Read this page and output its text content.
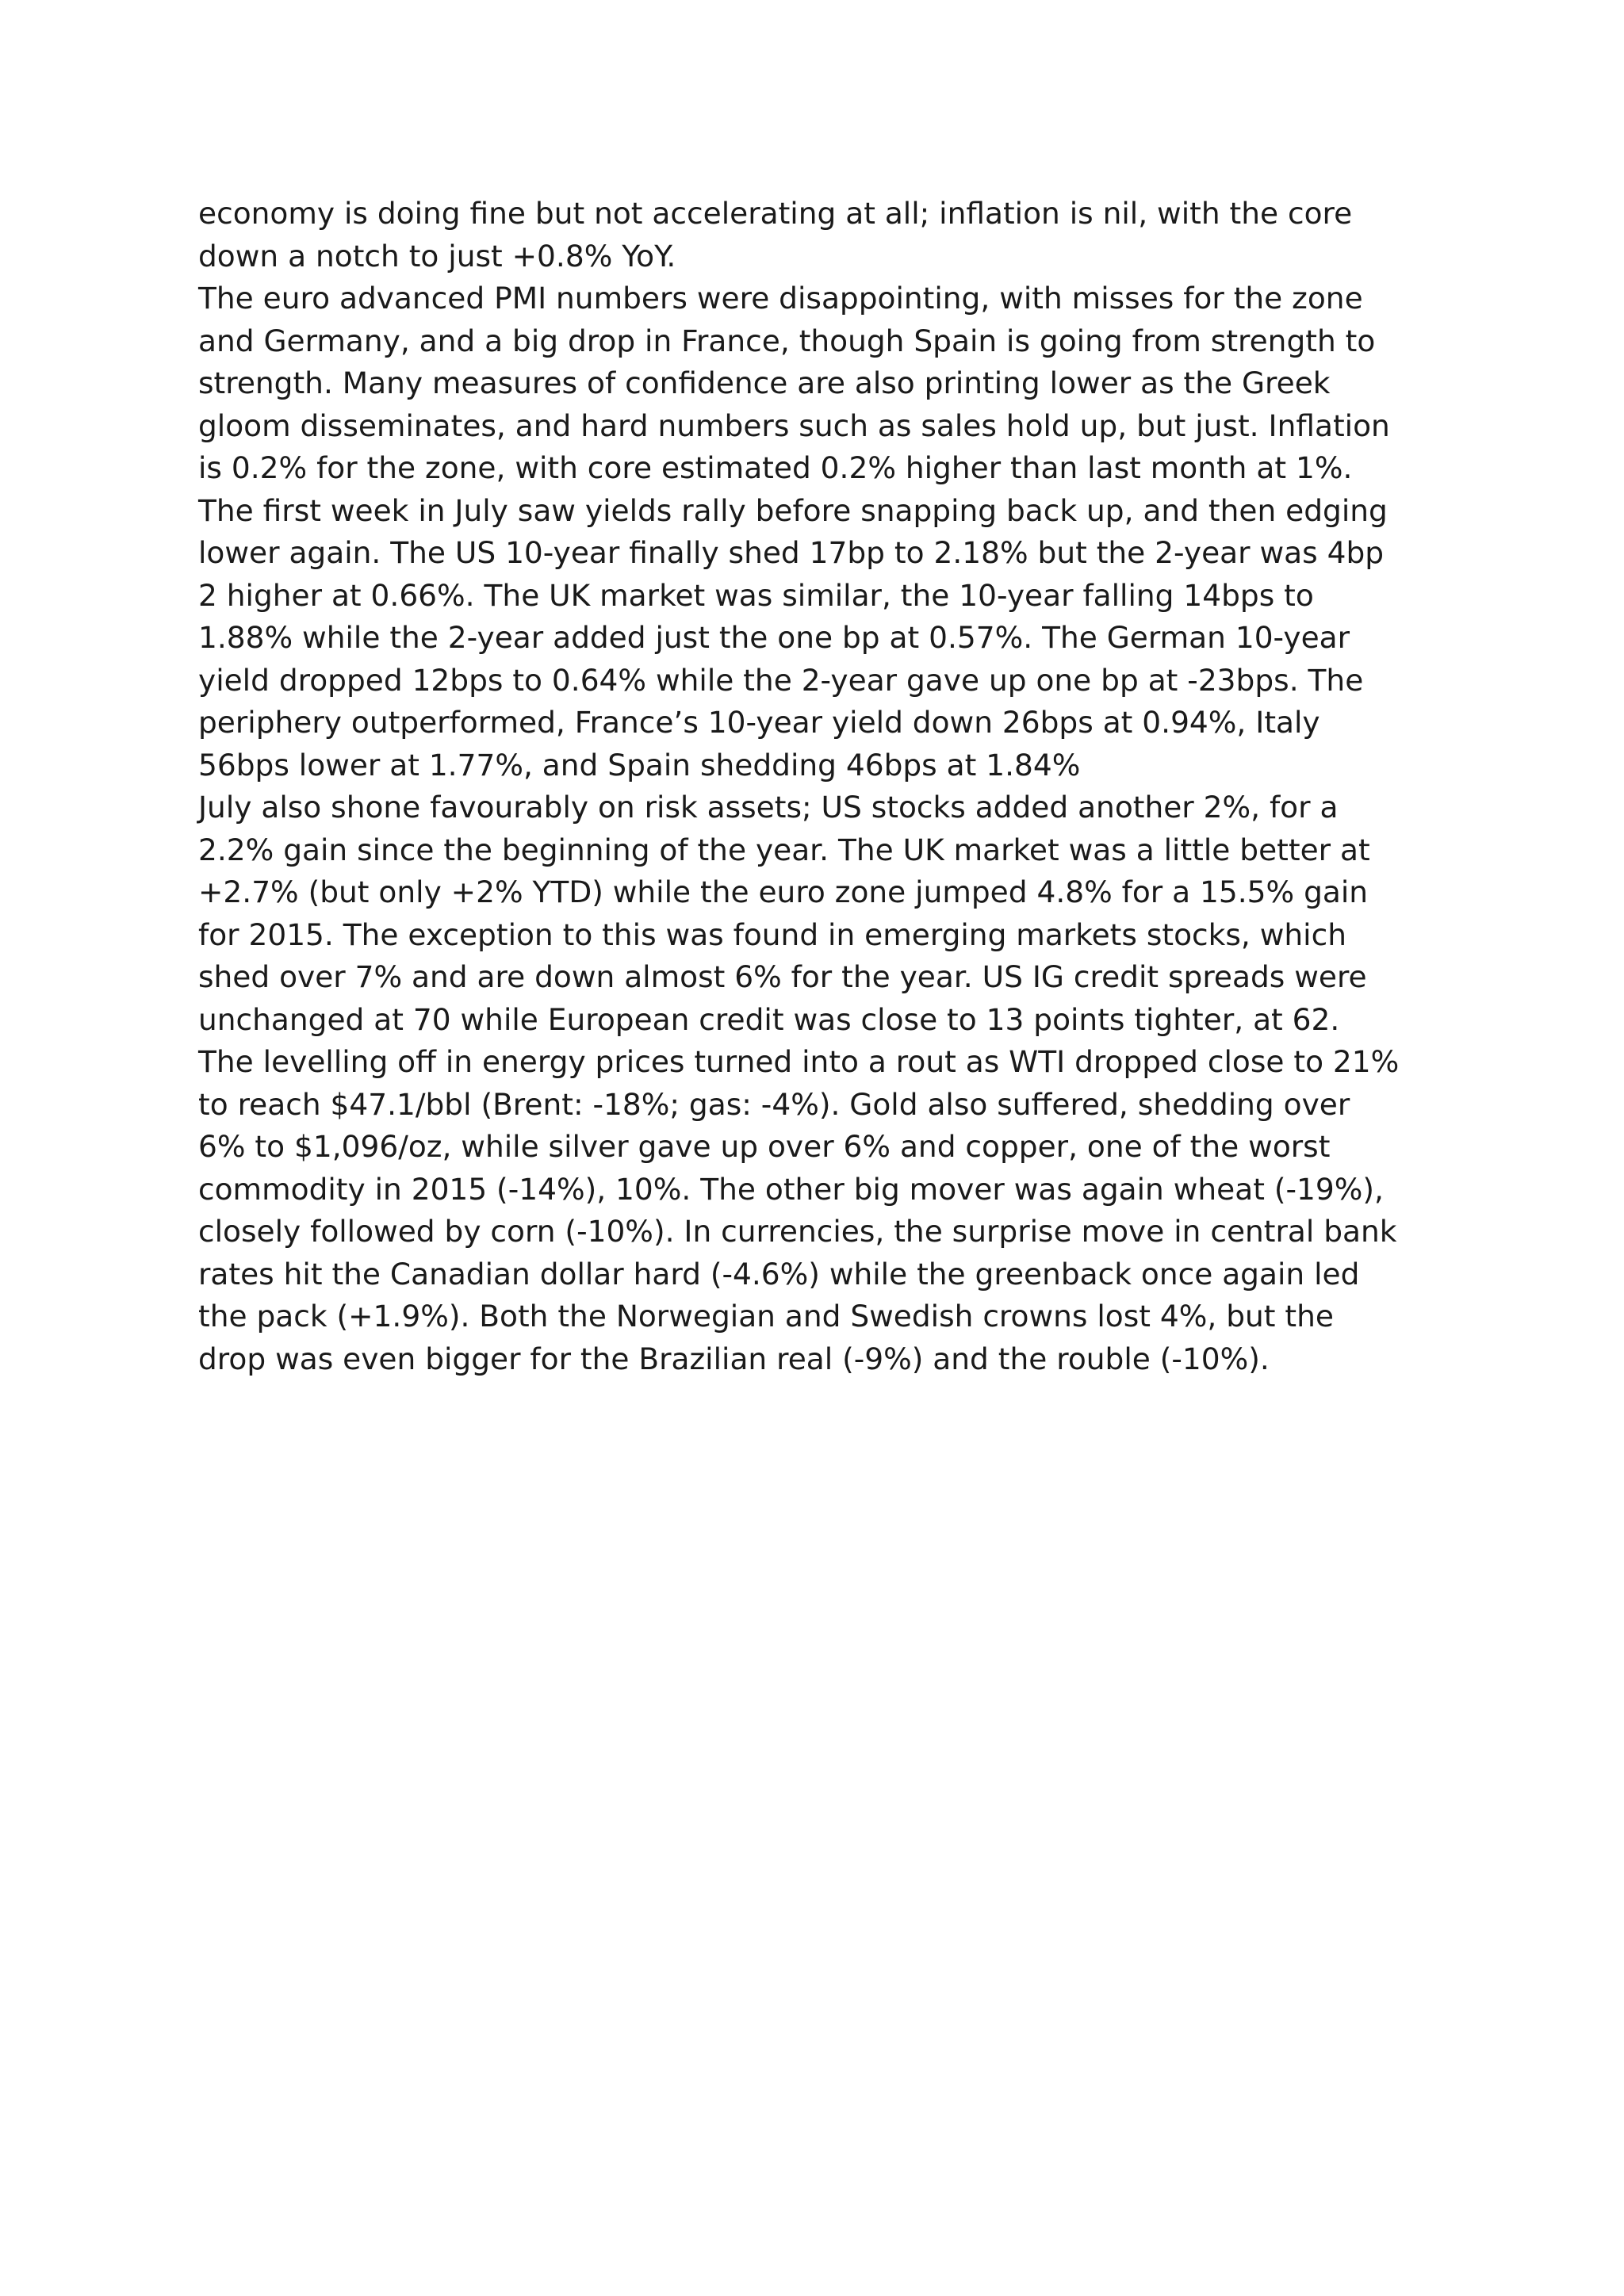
economy is doing fine but not accelerating at all; inflation is nil, with the core
down a notch to just +0.8% YoY.

The euro advanced PMI numbers were disappointing, with misses for the zone
and Germany, and a big drop in France, though Spain is going from strength to
strength. Many measures of confidence are also printing lower as the Greek
gloom disseminates, and hard numbers such as sales hold up, but just. Inflation
is 0.2% for the zone, with core estimated 0.2% higher than last month at 1%.

The first week in July saw yields rally before snapping back up, and then edging
lower again. The US 10-year finally shed 17bp to 2.18% but the 2-year was 4bp
2 higher at 0.66%. The UK market was similar, the 10-year falling 14bps to
1.88% while the 2-year added just the one bp at 0.57%. The German 10-year
yield dropped 12bps to 0.64% while the 2-year gave up one bp at -23bps. The
periphery outperformed, France’s 10-year yield down 26bps at 0.94%, Italy
56bps lower at 1.77%, and Spain shedding 46bps at 1.84%

July also shone favourably on risk assets; US stocks added another 2%, for a
2.2% gain since the beginning of the year. The UK market was a little better at
+2.7% (but only +2% YTD) while the euro zone jumped 4.8% for a 15.5% gain
for 2015. The exception to this was found in emerging markets stocks, which
shed over 7% and are down almost 6% for the year. US IG credit spreads were
unchanged at 70 while European credit was close to 13 points tighter, at 62.

The levelling off in energy prices turned into a rout as WTI dropped close to 21%
to reach $47.1/bbl (Brent: -18%; gas: -4%). Gold also suffered, shedding over
6% to $1,096/oz, while silver gave up over 6% and copper, one of the worst
commodity in 2015 (-14%), 10%. The other big mover was again wheat (-19%),
closely followed by corn (-10%). In currencies, the surprise move in central bank
rates hit the Canadian dollar hard (-4.6%) while the greenback once again led
the pack (+1.9%). Both the Norwegian and Swedish crowns lost 4%, but the
drop was even bigger for the Brazilian real (-9%) and the rouble (-10%).
